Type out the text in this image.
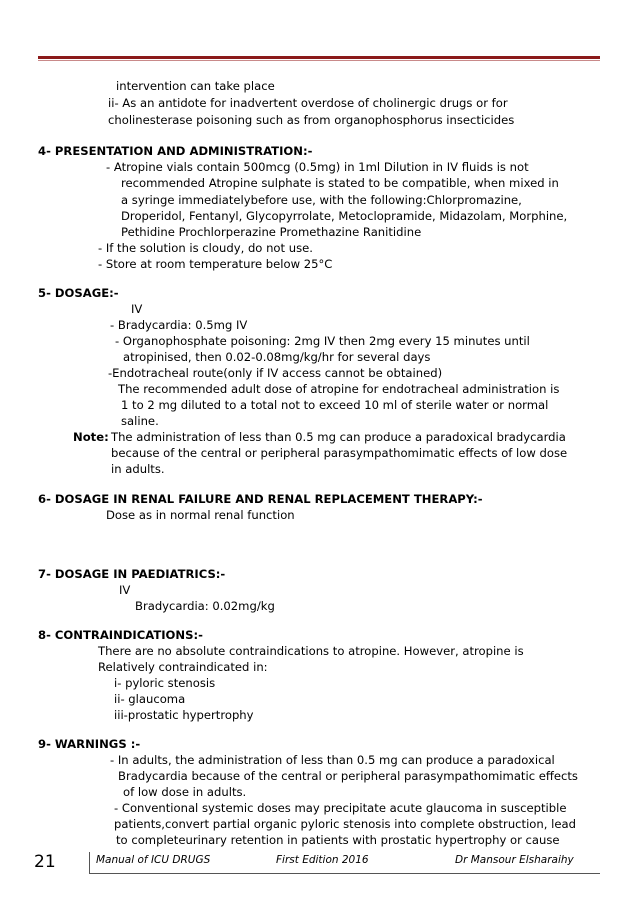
intervention can take place
ii- As an antidote for inadvertent overdose of cholinergic drugs or for
cholinesterase poisoning such as from organophosphorus insecticides
4- PRESENTATION AND ADMINISTRATION:-
- Atropine vials contain 500mcg (0.5mg) in 1ml Dilution in IV fluids is not
recommended Atropine sulphate is stated to be compatible, when mixed in
a syringe immediatelybefore use, with the following:Chlorpromazine,
Droperidol, Fentanyl, Glycopyrrolate, Metoclopramide, Midazolam, Morphine,
Pethidine Prochlorperazine Promethazine Ranitidine
- If the solution is cloudy, do not use.
- Store at room temperature below 25°C
5- DOSAGE:-
IV
- Bradycardia: 0.5mg IV
- Organophosphate poisoning: 2mg IV then 2mg every 15 minutes until
atropinised, then 0.02-0.08mg/kg/hr for several days
-Endotracheal route(only if IV access cannot be obtained)
The recommended adult dose of atropine for endotracheal administration is
1 to 2 mg diluted to a total not to exceed 10 ml of sterile water or normal
saline.
Note: The administration of less than 0.5 mg can produce a paradoxical bradycardia
because of the central or peripheral parasympathomimatic effects of low dose
in adults.
6- DOSAGE IN RENAL FAILURE AND RENAL REPLACEMENT THERAPY:-
Dose as in normal renal function
7- DOSAGE IN PAEDIATRICS:-
IV
Bradycardia: 0.02mg/kg
8- CONTRAINDICATIONS:-
There are no absolute contraindications to atropine. However, atropine is
Relatively contraindicated in:
i- pyloric stenosis
ii- glaucoma
iii-prostatic hypertrophy
9- WARNINGS :-
- In adults, the administration of less than 0.5 mg can produce a paradoxical
Bradycardia because of the central or peripheral parasympathomimatic effects
of low dose in adults.
- Conventional systemic doses may precipitate acute glaucoma in susceptible
patients,convert partial organic pyloric stenosis into complete obstruction, lead
to completeurinary retention in patients with prostatic hypertrophy or cause
21	Manual of ICU DRUGS	First Edition 2016	Dr Mansour Elsharaihy
